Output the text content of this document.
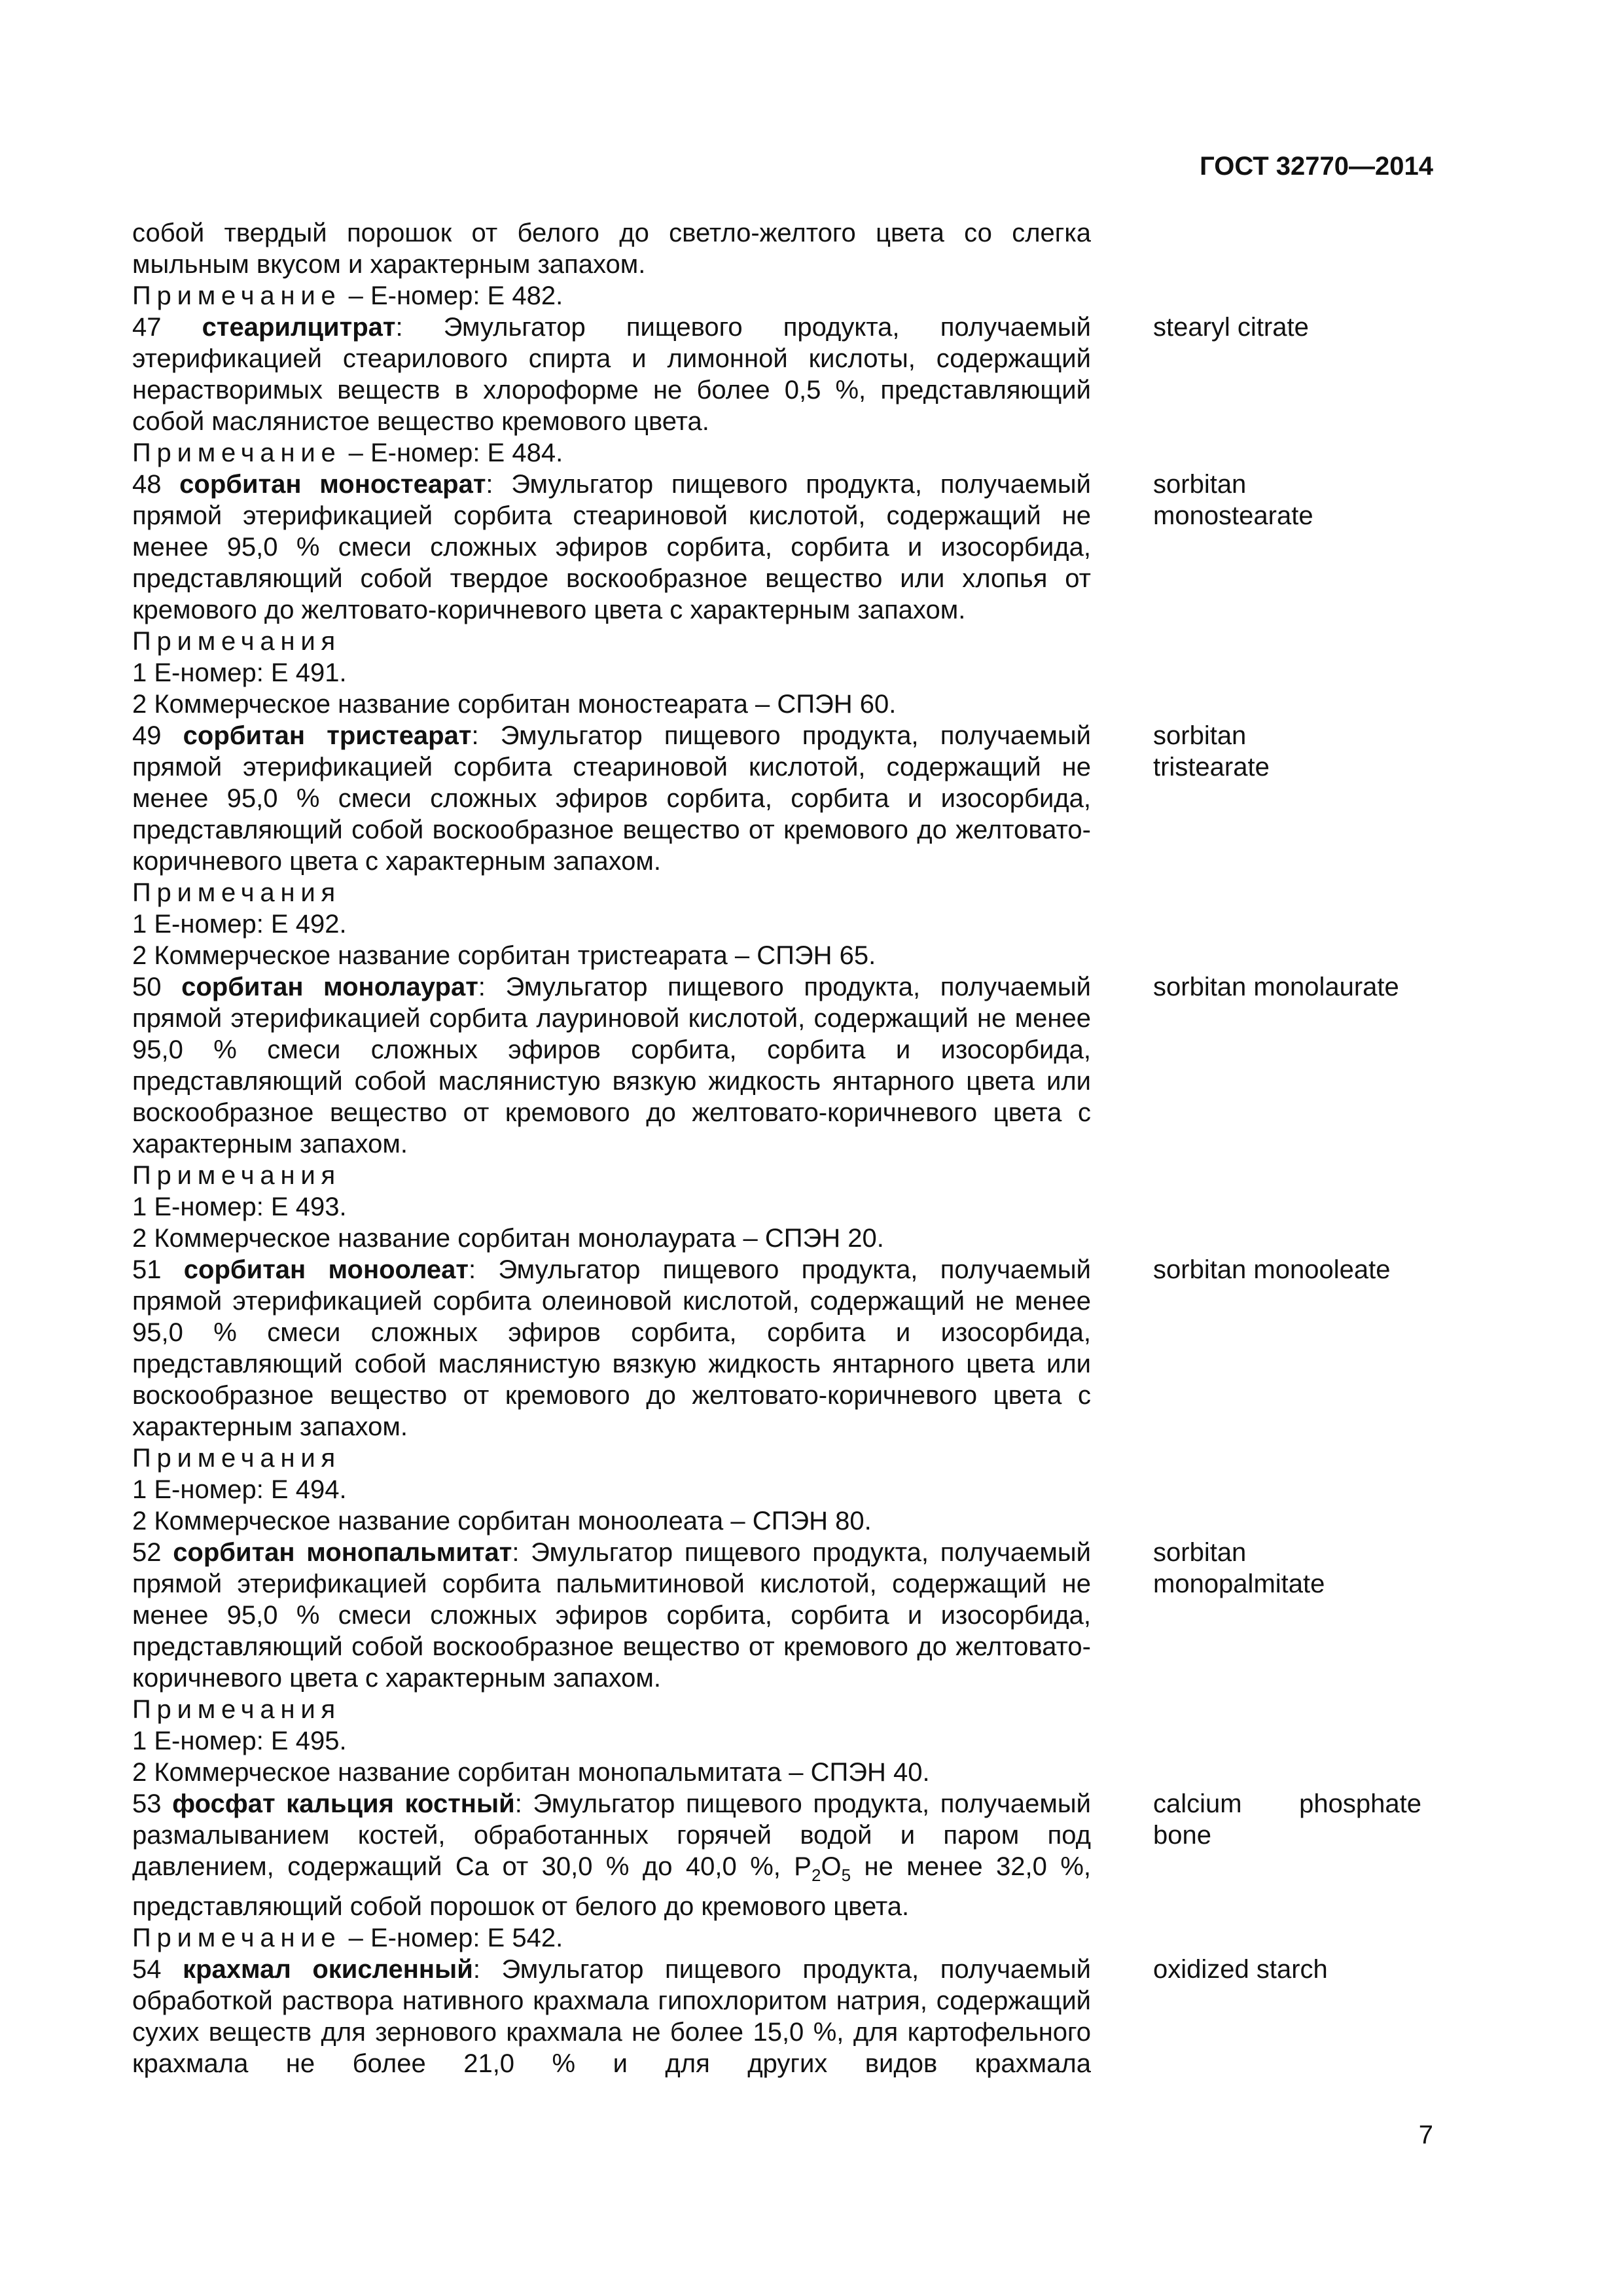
ГОСТ 32770—2014
собой твердый порошок от белого до светло-желтого цвета со слегка мыльным вкусом и характерным запахом.
Примечание – Е-номер: Е 482.
47 стеарилцитрат: Эмульгатор пищевого продукта, получаемый этерификацией стеарилового спирта и лимонной кислоты, содержащий нерастворимых веществ в хлороформе не более 0,5 %, представляющий собой маслянистое вещество кремового цвета.
Примечание – Е-номер: Е 484.
stearyl citrate
48 сорбитан моностеарат: Эмульгатор пищевого продукта, получаемый прямой этерификацией сорбита стеариновой кислотой, содержащий не менее 95,0 % смеси сложных эфиров сорбита, сорбита и изосорбида, представляющий собой твердое воскообразное вещество или хлопья от кремового до желтовато-коричневого цвета с характерным запахом.
Примечания
1 Е-номер: Е 491.
2 Коммерческое название сорбитан моностеарата – СПЭН 60.
sorbitan monostearate
49 сорбитан тристеарат: Эмульгатор пищевого продукта, получаемый прямой этерификацией сорбита стеариновой кислотой, содержащий не менее 95,0 % смеси сложных эфиров сорбита, сорбита и изосорбида, представляющий собой воскообразное вещество от кремового до желтовато-коричневого цвета с характерным запахом.
Примечания
1 Е-номер: Е 492.
2 Коммерческое название сорбитан тристеарата – СПЭН 65.
sorbitan tristearate
50 сорбитан монолаурат: Эмульгатор пищевого продукта, получаемый прямой этерификацией сорбита лауриновой кислотой, содержащий не менее 95,0 % смеси сложных эфиров сорбита, сорбита и изосорбида, представляющий собой маслянистую вязкую жидкость янтарного цвета или воскообразное вещество от кремового до желтовато-коричневого цвета с характерным запахом.
Примечания
1 Е-номер: Е 493.
2 Коммерческое название сорбитан монолаурата – СПЭН 20.
sorbitan monolaurate
51 сорбитан моноолеат: Эмульгатор пищевого продукта, получаемый прямой этерификацией сорбита олеиновой кислотой, содержащий не менее 95,0 % смеси сложных эфиров сорбита, сорбита и изосорбида, представляющий собой маслянистую вязкую жидкость янтарного цвета или воскообразное вещество от кремового до желтовато-коричневого цвета с характерным запахом.
Примечания
1 Е-номер: Е 494.
2 Коммерческое название сорбитан моноолеата – СПЭН 80.
sorbitan monooleate
52 сорбитан монопальмитат: Эмульгатор пищевого продукта, получаемый прямой этерификацией сорбита пальмитиновой кислотой, содержащий не менее 95,0 % смеси сложных эфиров сорбита, сорбита и изосорбида, представляющий собой воскообразное вещество от кремового до желтовато-коричневого цвета с характерным запахом.
Примечания
1 Е-номер: Е 495.
2 Коммерческое название сорбитан монопальмитата – СПЭН 40.
sorbitan monopalmitate
53 фосфат кальция костный: Эмульгатор пищевого продукта, получаемый размалыванием костей, обработанных горячей водой и паром под давлением, содержащий Ca от 30,0 % до 40,0 %, $P_2O_5$ не менее 32,0 %, представляющий собой порошок от белого до кремового цвета.
Примечание – Е-номер: Е 542.
calcium phosphate bone
54 крахмал окисленный: Эмульгатор пищевого продукта, получаемый обработкой раствора нативного крахмала гипохлоритом натрия, содержащий сухих веществ для зернового крахмала не более 15,0 %, для картофельного крахмала не более 21,0 % и для других видов крахмала
oxidized starch
7
